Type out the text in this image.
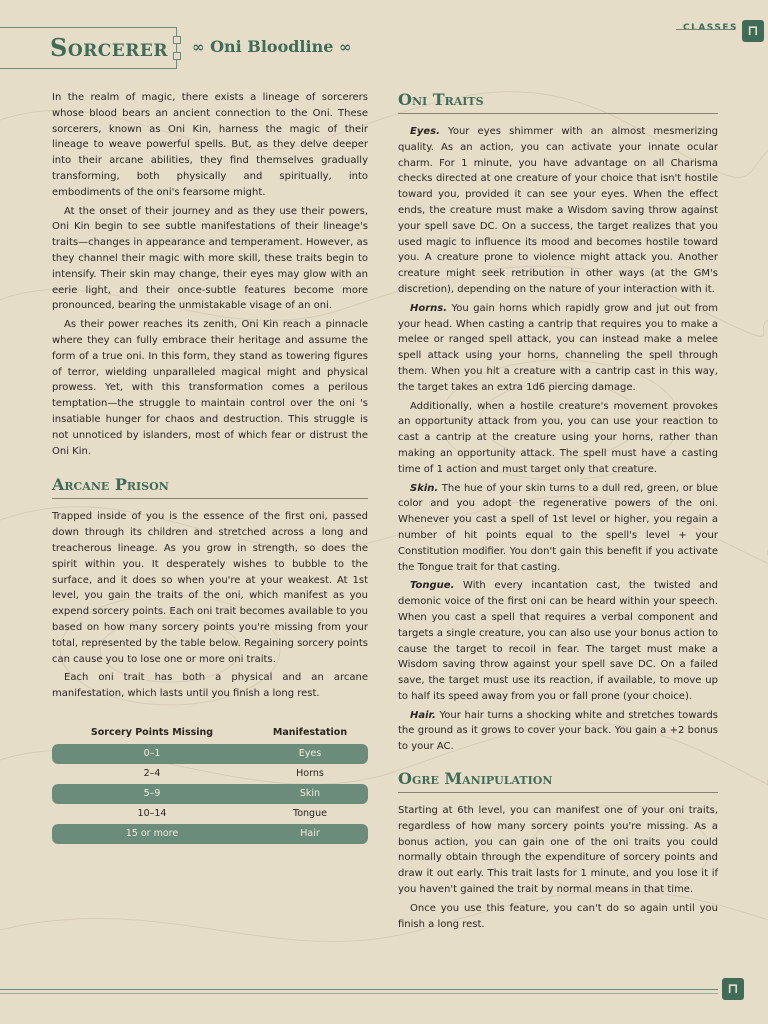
Sorcerer ∞ Oni Bloodline ∞
CLASSES ⊓

In the realm of magic, there exists a lineage of sorcerers whose blood bears an ancient connection to the Oni. These sorcerers, known as Oni Kin, harness the magic of their lineage to weave powerful spells. But, as they delve deeper into their arcane abilities, they find themselves gradually transforming, both physically and spiritually, into embodiments of the oni's fearsome might.

At the onset of their journey and as they use their powers, Oni Kin begin to see subtle manifestations of their lineage's traits—changes in appearance and temperament. However, as they channel their magic with more skill, these traits begin to intensify. Their skin may change, their eyes may glow with an eerie light, and their once-subtle features become more pronounced, bearing the unmistakable visage of an oni.

As their power reaches its zenith, Oni Kin reach a pinnacle where they can fully embrace their heritage and assume the form of a true oni. In this form, they stand as towering figures of terror, wielding unparalleled magical might and physical prowess. Yet, with this transformation comes a perilous temptation—the struggle to maintain control over the oni 's insatiable hunger for chaos and destruction. This struggle is not unnoticed by islanders, most of which fear or distrust the Oni Kin.

Arcane Prison

Trapped inside of you is the essence of the first oni, passed down through its children and stretched across a long and treacherous lineage. As you grow in strength, so does the spirit within you. It desperately wishes to bubble to the surface, and it does so when you're at your weakest. At 1st level, you gain the traits of the oni, which manifest as you expend sorcery points. Each oni trait becomes available to you based on how many sorcery points you're missing from your total, represented by the table below. Regaining sorcery points can cause you to lose one or more oni traits.

Each oni trait has both a physical and an arcane manifestation, which lasts until you finish a long rest.

Sorcery Points Missing	Manifestation
0–1	Eyes
2–4	Horns
5–9	Skin
10–14	Tongue
15 or more	Hair
Oni Traits

Eyes. Your eyes shimmer with an almost mesmerizing quality. As an action, you can activate your innate ocular charm. For 1 minute, you have advantage on all Charisma checks directed at one creature of your choice that isn't hostile toward you, provided it can see your eyes. When the effect ends, the creature must make a Wisdom saving throw against your spell save DC. On a success, the target realizes that you used magic to influence its mood and becomes hostile toward you. A creature prone to violence might attack you. Another creature might seek retribution in other ways (at the GM's discretion), depending on the nature of your interaction with it.

Horns. You gain horns which rapidly grow and jut out from your head. When casting a cantrip that requires you to make a melee or ranged spell attack, you can instead make a melee spell attack using your horns, channeling the spell through them. When you hit a creature with a cantrip cast in this way, the target takes an extra 1d6 piercing damage.

Additionally, when a hostile creature's movement provokes an opportunity attack from you, you can use your reaction to cast a cantrip at the creature using your horns, rather than making an opportunity attack. The spell must have a casting time of 1 action and must target only that creature.

Skin. The hue of your skin turns to a dull red, green, or blue color and you adopt the regenerative powers of the oni. Whenever you cast a spell of 1st level or higher, you regain a number of hit points equal to the spell's level + your Constitution modifier. You don't gain this benefit if you activate the Tongue trait for that casting.

Tongue. With every incantation cast, the twisted and demonic voice of the first oni can be heard within your speech. When you cast a spell that requires a verbal component and targets a single creature, you can also use your bonus action to cause the target to recoil in fear. The target must make a Wisdom saving throw against your spell save DC. On a failed save, the target must use its reaction, if available, to move up to half its speed away from you or fall prone (your choice).

Hair. Your hair turns a shocking white and stretches towards the ground as it grows to cover your back. You gain a +2 bonus to your AC.

Ogre Manipulation

Starting at 6th level, you can manifest one of your oni traits, regardless of how many sorcery points you're missing. As a bonus action, you can gain one of the oni traits you could normally obtain through the expenditure of sorcery points and draw it out early. This trait lasts for 1 minute, and you lose it if you haven't gained the trait by normal means in that time.

Once you use this feature, you can't do so again until you finish a long rest.

⊓
